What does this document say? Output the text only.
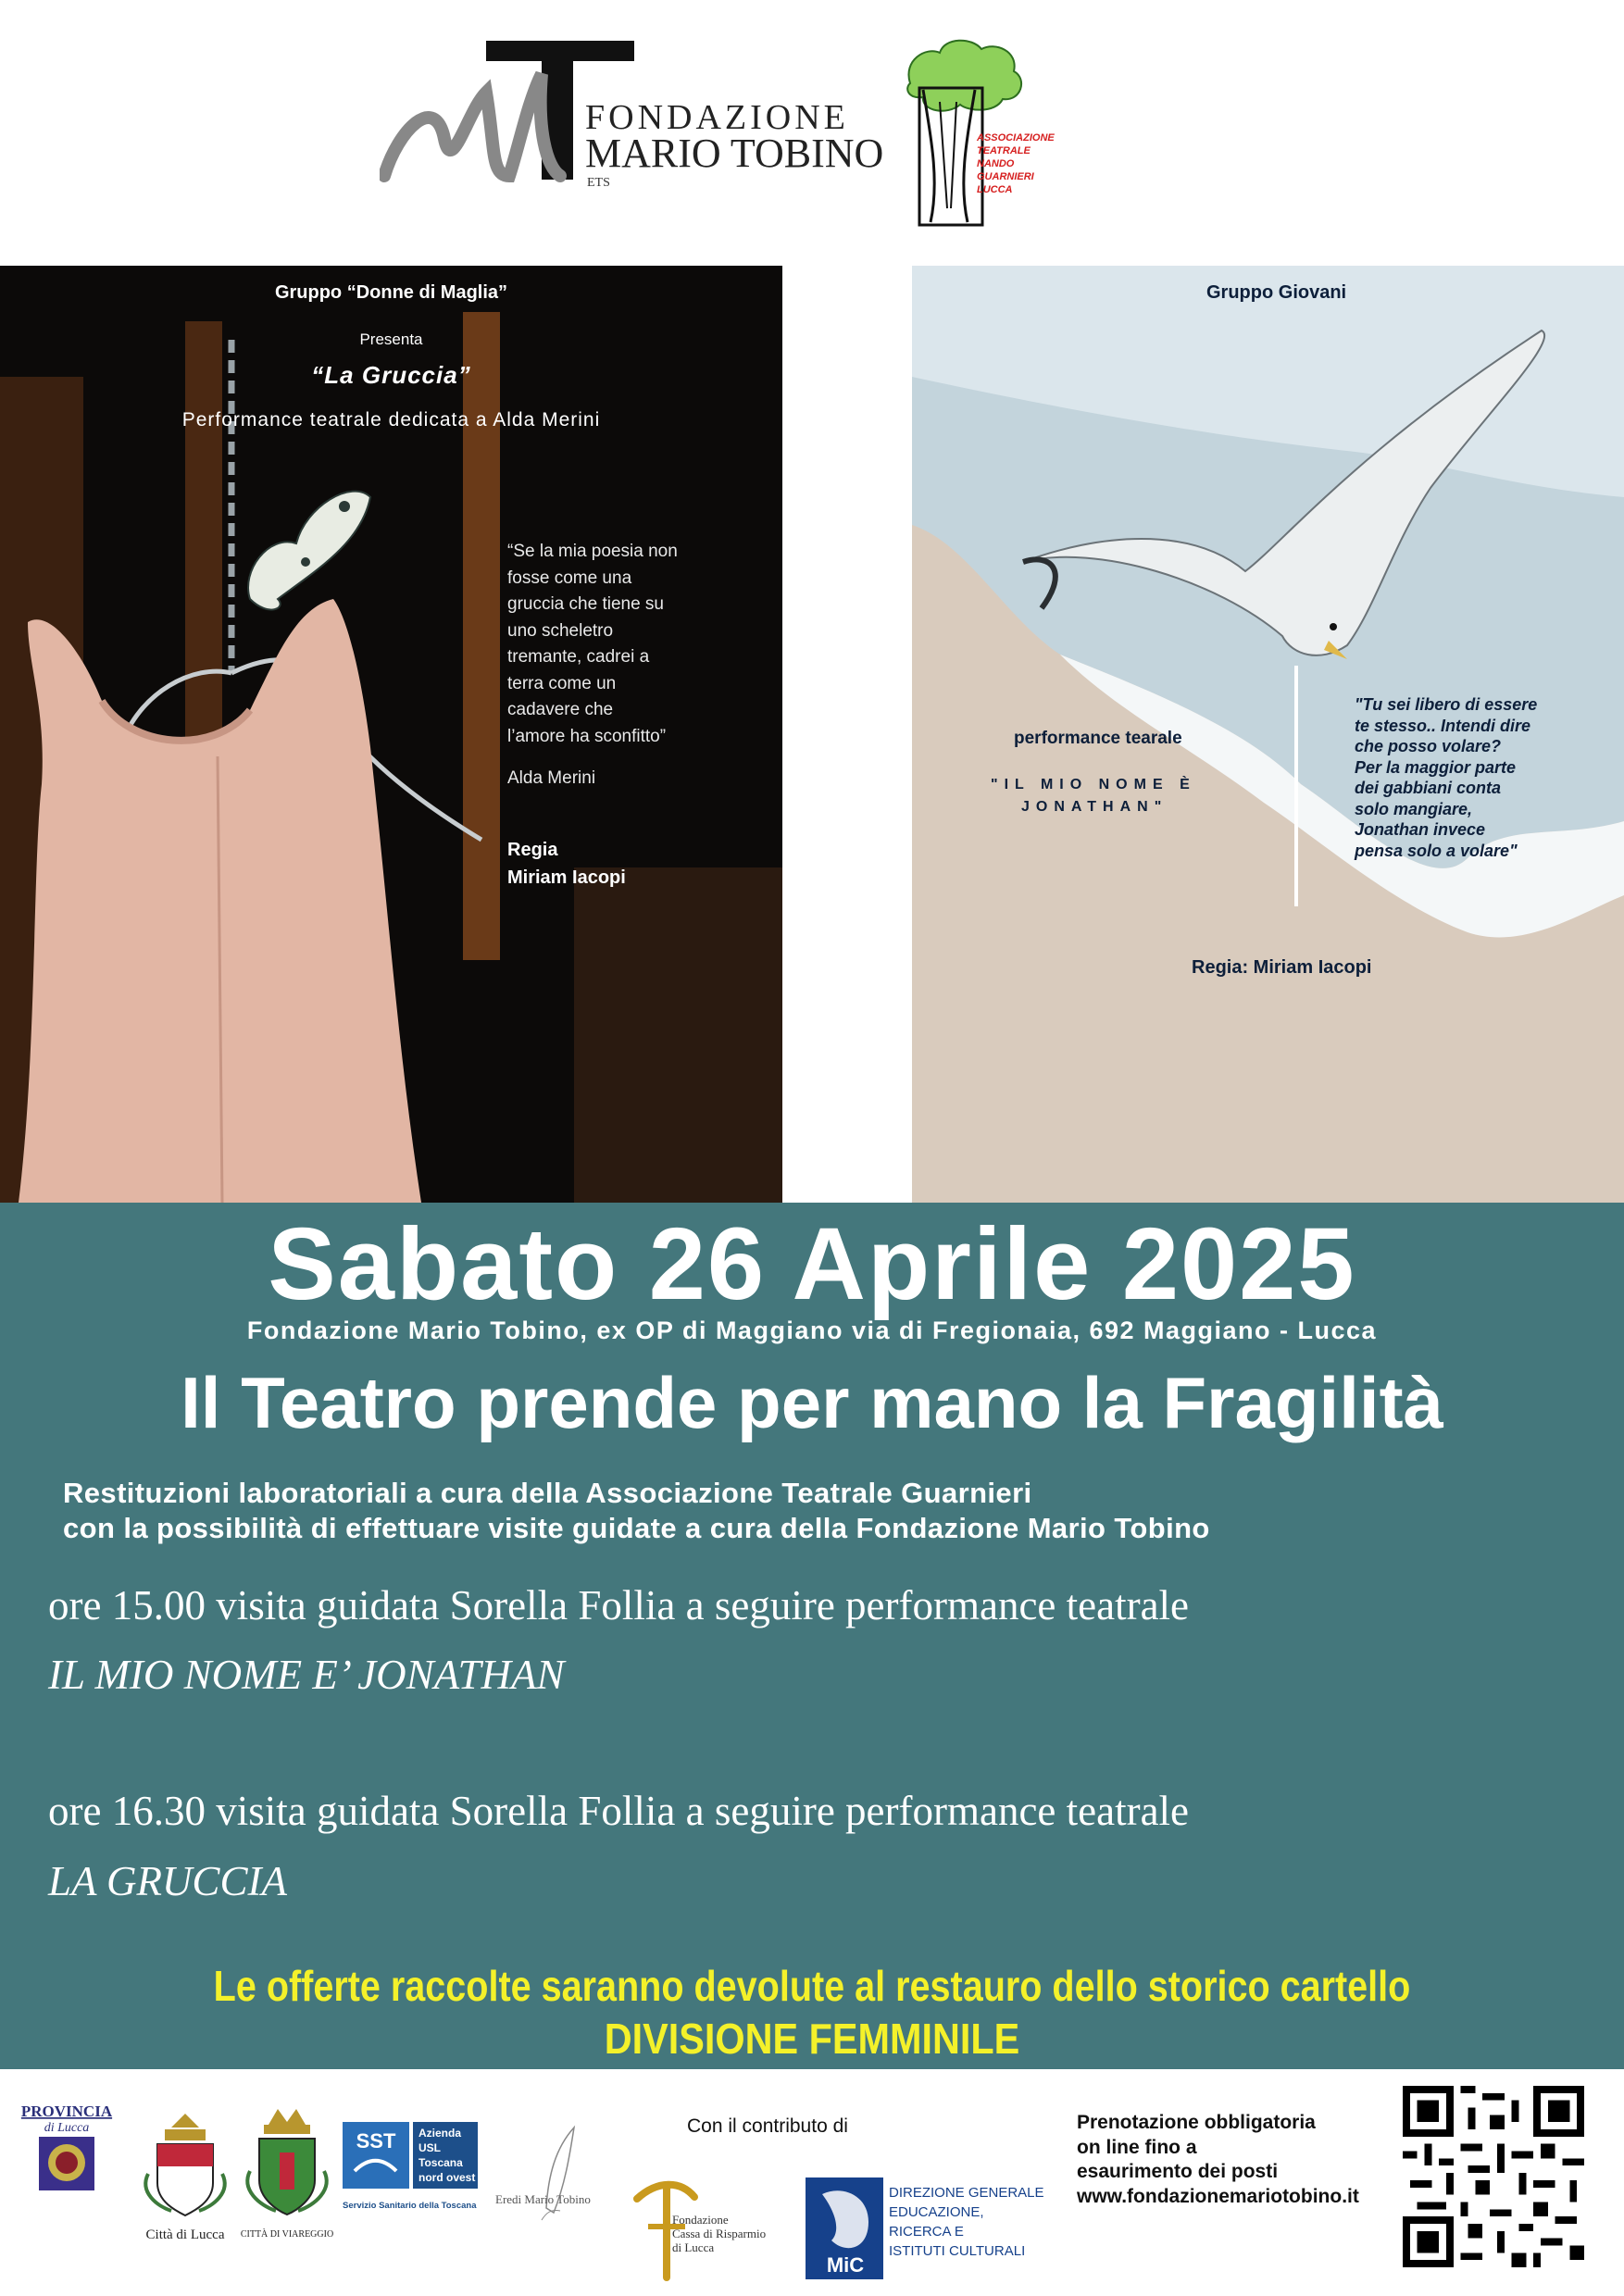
FONDAZIONE
MARIO TOBINO
ETS
ASSOCIAZIONE
TEATRALE
NANDO
GUARNIERI
LUCCA
Gruppo “Donne di Maglia”
Presenta
“La Gruccia”
Performance teatrale dedicata a Alda Merini
“Se la mia poesia non
fosse come una
gruccia che tiene su
uno scheletro
tremante, cadrei a
terra come un
cadavere che
l’amore ha sconfitto”
Alda Merini
Regia
Miriam Iacopi
Gruppo Giovani
performance tearale
"IL MIO NOME È
JONATHAN"
"Tu sei libero di essere
te stesso.. Intendi dire
che posso volare?
Per la maggior parte
dei gabbiani conta
solo mangiare,
Jonathan invece
pensa solo a volare"
Regia: Miriam Iacopi
Sabato 26 Aprile 2025
Fondazione Mario Tobino, ex OP di Maggiano via di Fregionaia, 692 Maggiano - Lucca
Il Teatro prende per mano la Fragilità
Restituzioni laboratoriali a cura della Associazione Teatrale Guarnieri
con la possibilità di effettuare visite guidate a cura della Fondazione Mario Tobino
ore 15.00 visita guidata Sorella Follia a seguire performance teatrale
IL MIO NOME E’ JONATHAN
ore 16.30 visita guidata Sorella Follia a seguire performance teatrale
LA GRUCCIA
Le offerte raccolte saranno devolute al restauro dello storico cartello
DIVISIONE FEMMINILE
PROVINCIA
di Lucca
Città di Lucca	CITTÀ DI VIAREGGIO
SST Azienda
USL
Toscana
nord ovest
Servizio Sanitario della Toscana Eredi Mario Tobino
Con il contributo di
Fondazione
Cassa di Risparmio
di Lucca
MiC
DIREZIONE GENERALE
EDUCAZIONE,
RICERCA E
ISTITUTI CULTURALI
Prenotazione obbligatoria
on line fino a
esaurimento dei posti
www.fondazionemariotobino.it
